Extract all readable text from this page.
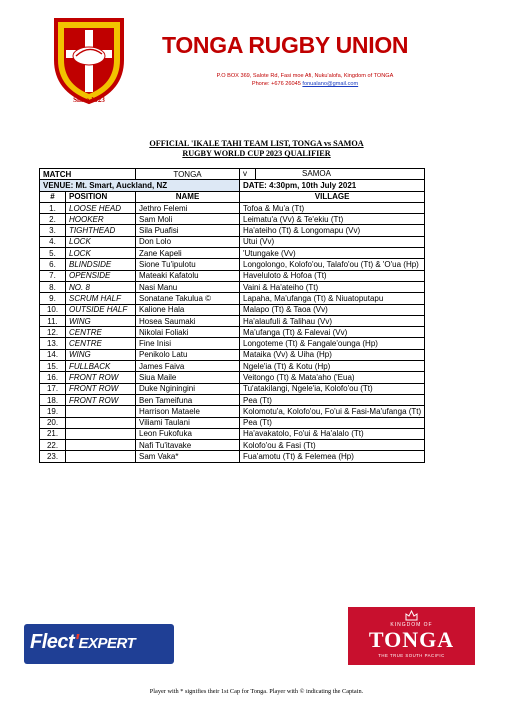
Since 1923
TONGA RUGBY UNION
P.O BOX 369, Salote Rd, Fasi moe Afi, Nuku'alofa, Kingdom of TONGA
Phone: +676 26045 fonualano@gmail.com
OFFICIAL 'IKALE TAHI TEAM LIST, TONGA vs SAMOA
RUGBY WORLD CUP 2023 QUALIFIER
MATCH		TONGA	v SAMOA
VENUE: Mt. Smart, Auckland, NZ			DATE: 4:30pm, 10th July 2021
#	POSITION	NAME	VILLAGE
1.	LOOSE HEAD	Jethro Felemi	Tofoa & Mu'a (Tt)
2.	HOOKER	Sam Moli	Leimatu'a (Vv) & Te'ekiu (Tt)
3.	TIGHTHEAD	Sila Puafisi	Ha'ateiho (Tt) & Longomapu (Vv)
4.	LOCK	Don Lolo	Utui (Vv)
5.	LOCK	Zane Kapeli	'Utungake (Vv)
6.	BLINDSIDE	Sione Tu'ipulotu	Longolongo, Kolofo'ou, Talafo'ou (Tt) & 'O'ua (Hp)
7.	OPENSIDE	Mateaki Kafatolu	Haveluloto & Hofoa (Tt)
8.	NO. 8	Nasi Manu	Vaini & Ha'ateiho (Tt)
9.	SCRUM HALF	Sonatane Takulua ©	Lapaha, Ma'ufanga (Tt) & Niuatoputapu
10.	OUTSIDE HALF	Kalione Hala	Malapo (Tt) & Taoa (Vv)
11.	WING	Hosea Saumaki	Ha'alaufuli & Talihau (Vv)
12.	CENTRE	Nikolai Foliaki	Ma'ufanga (Tt) & Falevai (Vv)
13.	CENTRE	Fine Inisi	Longoteme (Tt) & Fangale'ounga (Hp)
14.	WING	Penikolo Latu	Mataika (Vv) & Uiha (Hp)
15.	FULLBACK	James Faiva	Ngele'ia (Tt) & Kotu (Hp)
16.	FRONT ROW	Siua Maile	Veitongo (Tt) & Mata'aho ('Eua)
17.	FRONT ROW	Duke Nginingini	Tu'atakilangi, Ngele'ia, Kolofo'ou (Tt)
18.	FRONT ROW	Ben Tameifuna	Pea (Tt)
19.		Harrison Mataele	Kolomotu'a, Kolofo'ou, Fo'ui & Fasi-Ma'ufanga (Tt)
20.		Viliami Taulani	Pea (Tt)
21.		Leon Fukofuka	Ha'avakatolo, Fo'ui & Ha'alalo (Tt)
22.		Nafi Tu'itavake	Kolofo'ou & Fasi (Tt)
23.		Sam Vaka*	Fua'amotu (Tt) & Felemea (Hp)
Flect'EXPERT
KINGDOM OF
TONGA
THE TRUE SOUTH PACIFIC
Player with * signifies their 1st Cap for Tonga. Player with © indicating the Captain.
